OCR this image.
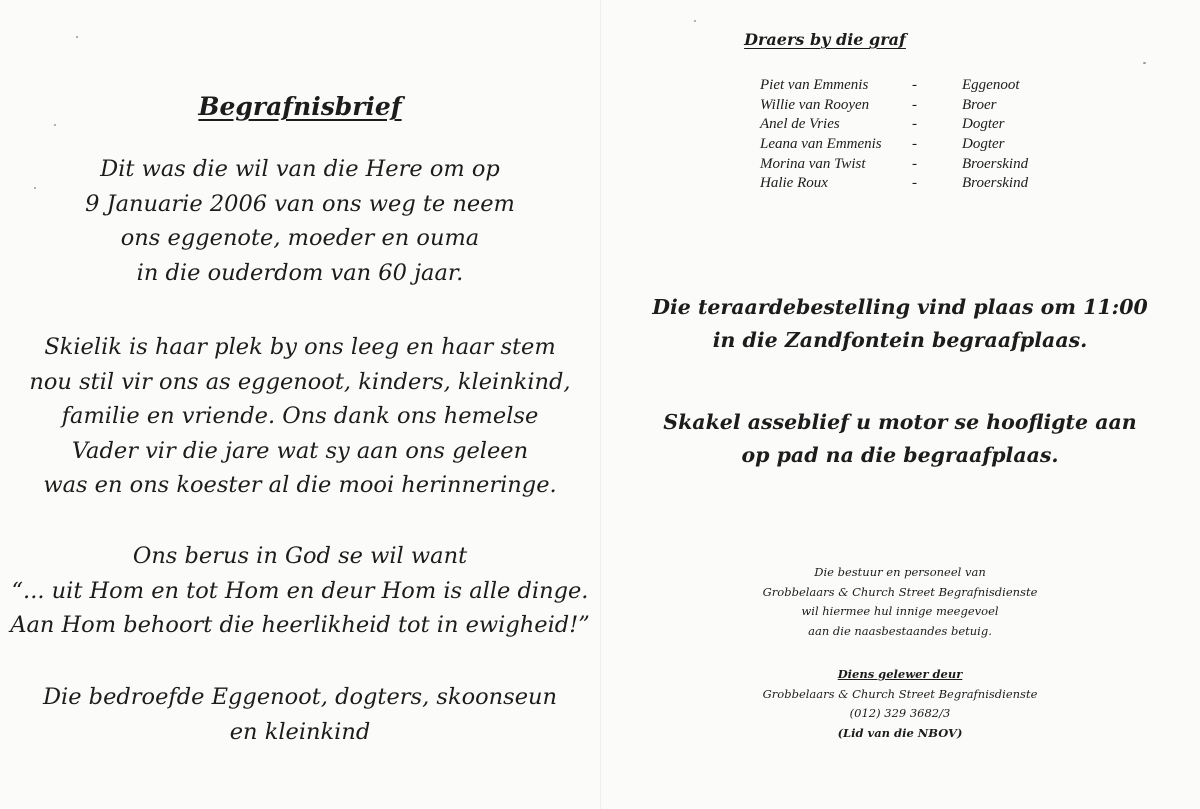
Begrafnisbrief
Dit was die wil van die Here om op
9 Januarie 2006 van ons weg te neem
ons eggenote, moeder en ouma
in die ouderdom van 60 jaar.
Skielik is haar plek by ons leeg en haar stem
nou stil vir ons as eggenoot, kinders, kleinkind,
familie en vriende. Ons dank ons hemelse
Vader vir die jare wat sy aan ons geleen
was en ons koester al die mooi herinneringe.
Ons berus in God se wil want
“... uit Hom en tot Hom en deur Hom is alle dinge.
Aan Hom behoort die heerlikheid tot in ewigheid!”
Die bedroefde Eggenoot, dogters, skoonseun
en kleinkind
Draers by die graf
Piet van Emmenis	-	Eggenoot
Willie van Rooyen	-	Broer
Anel de Vries	-	Dogter
Leana van Emmenis -	Dogter
Morina van Twist	-	Broerskind
Halie Roux	-	Broerskind
Die teraardebestelling vind plaas om 11:00
in die Zandfontein begraafplaas.
Skakel asseblief u motor se hoofligte aan
op pad na die begraafplaas.
Die bestuur en personeel van
Grobbelaars & Church Street Begrafnisdienste
wil hiermee hul innige meegevoel
aan die naasbestaandes betuig.
Diens gelewer deur
Grobbelaars & Church Street Begrafnisdienste
(012) 329 3682/3
(Lid van die NBOV)
